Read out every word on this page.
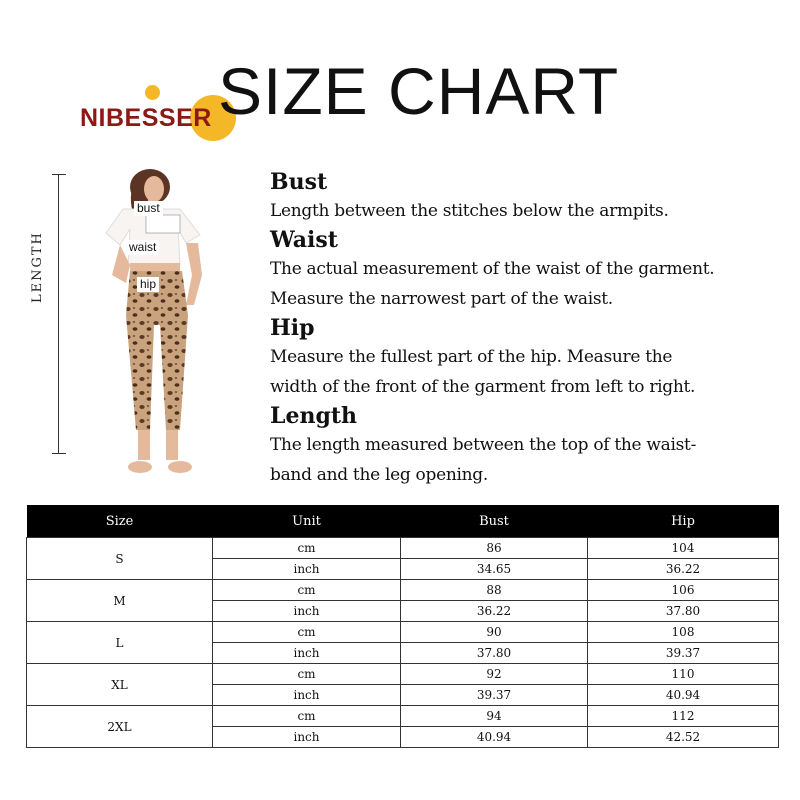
NIBESSER SIZE CHART
LENGTH
bust
waist
hip

Bust

Length between the stitches below the armpits.

Waist

The actual measurement of the waist of the garment.

Measure the narrowest part of the waist.

Hip

Measure the fullest part of the hip. Measure the

width of the front of the garment from left to right.

Length

The length measured between the top of the waist-

band and the leg opening.

Size	Unit	Bust	Hip
S	cm	86	104
	inch	34.65	36.22
M	cm	88	106
	inch	36.22	37.80
L	cm	90	108
	inch	37.80	39.37
XL	cm	92	110
	inch	39.37	40.94
2XL	cm	94	112
	inch	40.94	42.52
